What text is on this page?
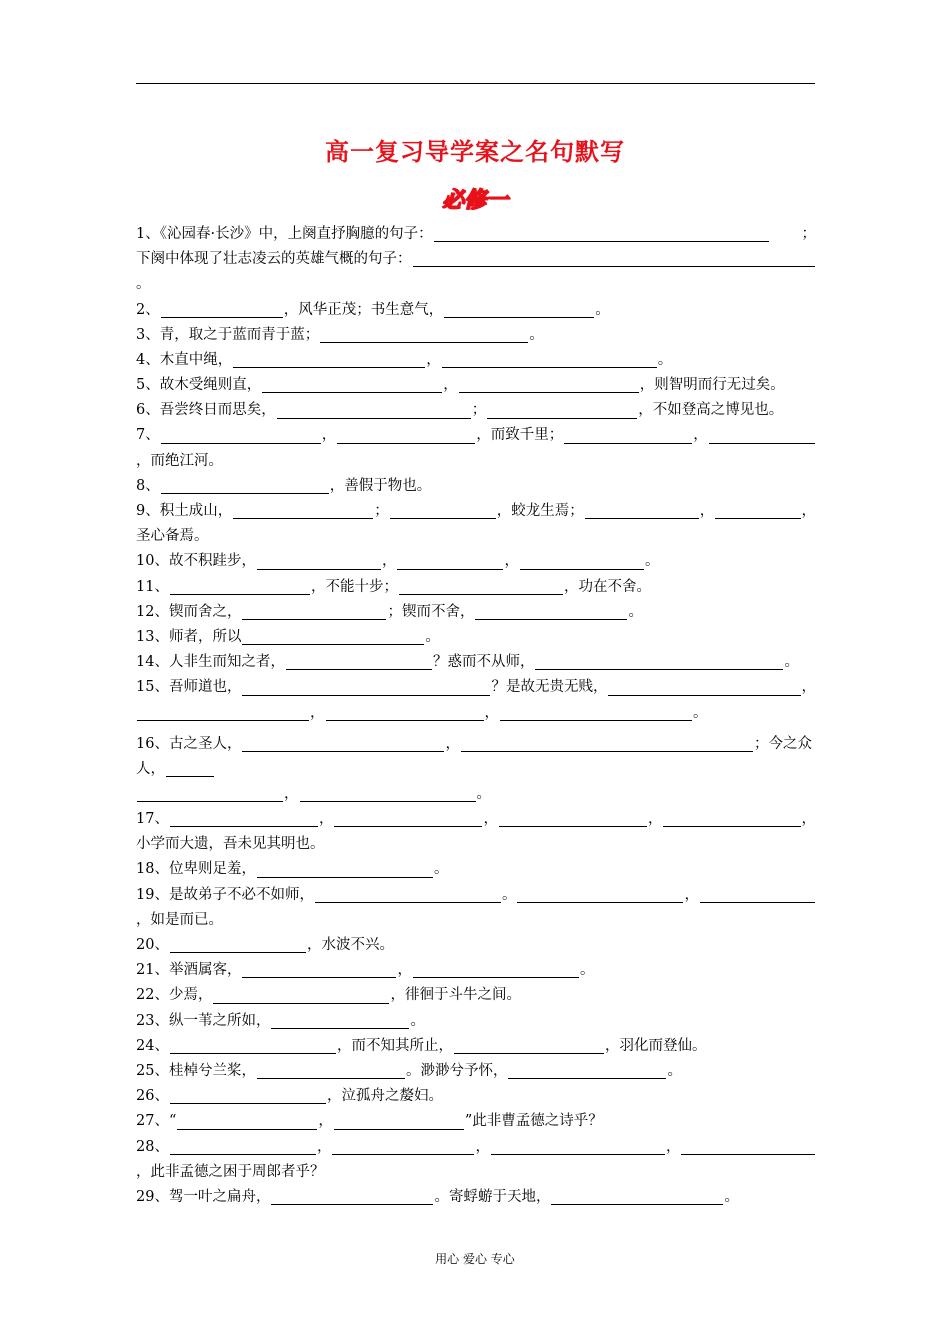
高一复习导学案之名句默写
必修一
1、《沁园春·长沙》中，上阕直抒胸臆的句子：	；
下阕中体现了壮志凌云的英雄气概的句子：
。
2、	，风华正茂；书生意气，	。
3、青，取之于蓝而青于蓝；	。
4、木直中绳，	，	。
5、故木受绳则直，	，	，则智明而行无过矣。
6、吾尝终日而思矣，	；	，不如登高之博见也。
7、	，	，而致千里；	，
，而绝江河。
8、	，善假于物也。
9、积土成山，	；	，蛟龙生焉；	，	，
圣心备焉。
10、故不积跬步，	，	，	。
11、	，不能十步；	，功在不舍。
12、锲而舍之，	；锲而不舍，	。
13、师者，所以	。
14、人非生而知之者，	？惑而不从师，	。
15、吾师道也，	？是故无贵无贱，	，
，	，	。
16、古之圣人，	，	；今之众
人，
，	。
17、	，	，	，	，
小学而大遗，吾未见其明也。
18、位卑则足羞，	。
19、是故弟子不必不如师，	。	，
，如是而已。
20、	，水波不兴。
21、举酒属客，	，	。
22、少焉，	，徘徊于斗牛之间。
23、纵一苇之所如，	。
24、	，而不知其所止，	，羽化而登仙。
25、桂棹兮兰桨，	。渺渺兮予怀，	。
26、	，泣孤舟之嫠妇。
27、“	，	”此非曹孟德之诗乎？
28、	，	，	，
，此非孟德之困于周郎者乎？
29、驾一叶之扁舟，	。寄蜉蝣于天地，	。
用心 爱心 专心
